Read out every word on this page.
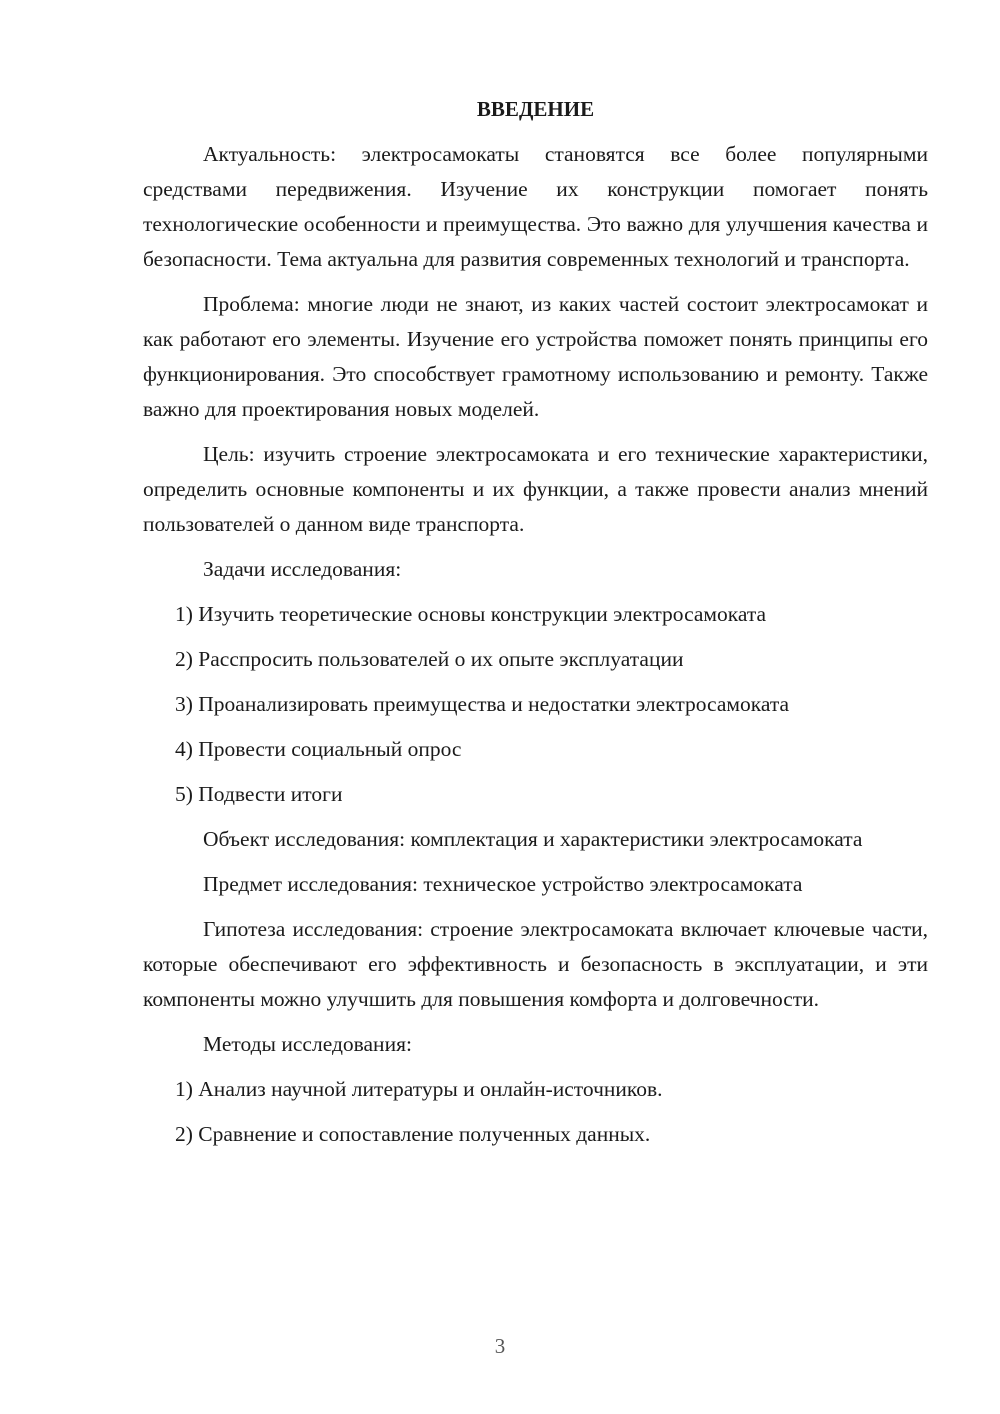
ВВЕДЕНИЕ
Актуальность: электросамокаты становятся все более популярными средствами передвижения. Изучение их конструкции помогает понять технологические особенности и преимущества. Это важно для улучшения качества и безопасности. Тема актуальна для развития современных технологий и транспорта.
Проблема: многие люди не знают, из каких частей состоит электросамокат и как работают его элементы. Изучение его устройства поможет понять принципы его функционирования. Это способствует грамотному использованию и ремонту. Также важно для проектирования новых моделей.
Цель: изучить строение электросамоката и его технические характеристики, определить основные компоненты и их функции, а также провести анализ мнений пользователей о данном виде транспорта.
Задачи исследования:
1) Изучить теоретические основы конструкции электросамоката
2) Расспросить пользователей о их опыте эксплуатации
3) Проанализировать преимущества и недостатки электросамоката
4) Провести социальный опрос
5) Подвести итоги
Объект исследования: комплектация и характеристики электросамоката
Предмет исследования: техническое устройство электросамоката
Гипотеза исследования: строение электросамоката включает ключевые части, которые обеспечивают его эффективность и безопасность в эксплуатации, и эти компоненты можно улучшить для повышения комфорта и долговечности.
Методы исследования:
1) Анализ научной литературы и онлайн-источников.
2) Сравнение и сопоставление полученных данных.
3
